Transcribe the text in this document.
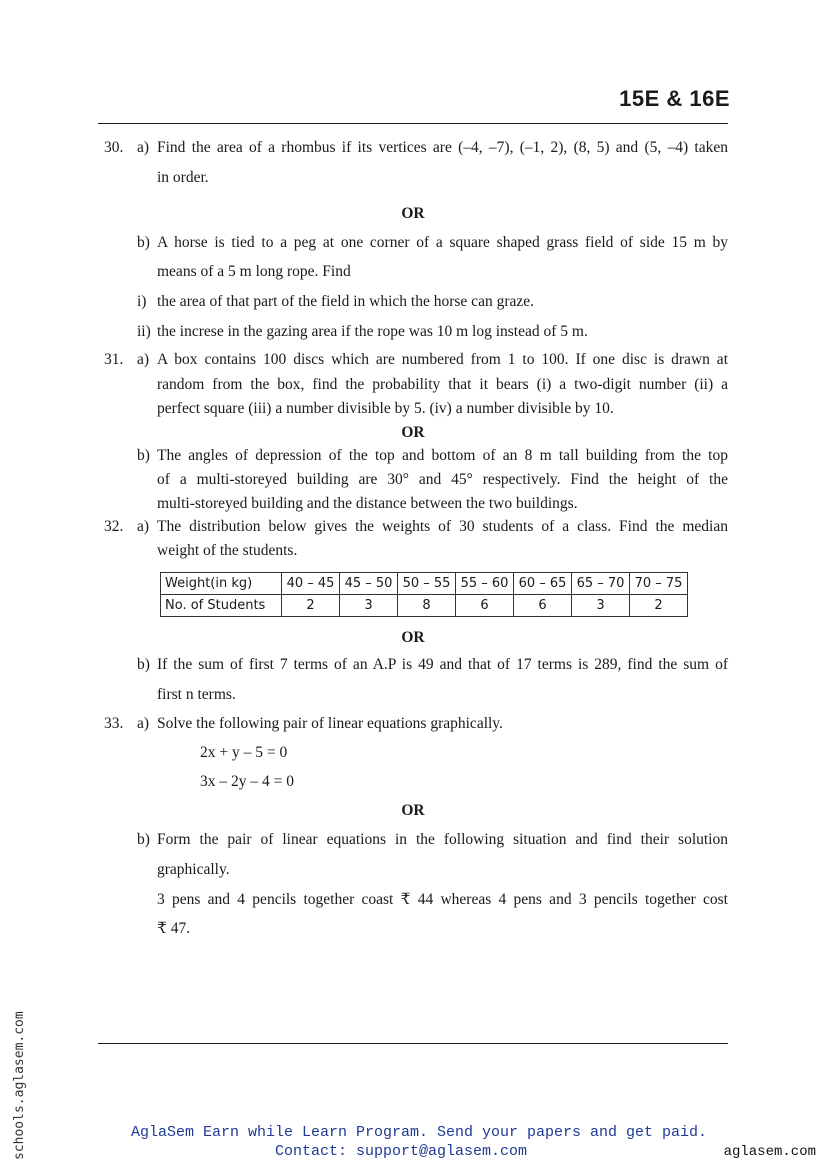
15E & 16E
30. a) Find the area of a rhombus if its vertices are (–4, –7), (–1, 2), (8, 5) and (5, –4) taken
in order.
OR
b) A horse is tied to a peg at one corner of a square shaped grass field of side 15 m by
means of a 5 m long rope. Find
i) the area of that part of the field in which the horse can graze.
ii) the increse in the gazing area if the rope was 10 m log instead of 5 m.
31. a) A box contains 100 discs which are numbered from 1 to 100. If one disc is drawn at
random from the box, find the probability that it bears (i) a two-digit number (ii) a
perfect square (iii) a number divisible by 5. (iv) a number divisible by 10.
OR
b) The angles of depression of the top and bottom of an 8 m tall building from the top
of a multi-storeyed building are 30° and 45° respectively. Find the height of the
multi-storeyed building and the distance between the two buildings.
32. a) The distribution below gives the weights of 30 students of a class. Find the median
weight of the students.
Weight(in kg)	40 – 45	45 – 50	50 – 55	55 – 60	60 – 65	65 – 70	70 – 75
No. of Students	2	3	8	6	6	3	2
OR
b) If the sum of first 7 terms of an A.P is 49 and that of 17 terms is 289, find the sum of
first n terms.
33. a) Solve the following pair of linear equations graphically.
2x + y – 5 = 0
3x – 2y – 4 = 0
OR
b) Form the pair of linear equations in the following situation and find their solution
graphically.
3 pens and 4 pencils together coast ₹ 44 whereas 4 pens and 3 pencils together cost
₹ 47.
schools.aglasem.com	AglaSem Earn while Learn Program. Send your papers and get paid.
Contact: support@aglasem.com	aglasem.com
